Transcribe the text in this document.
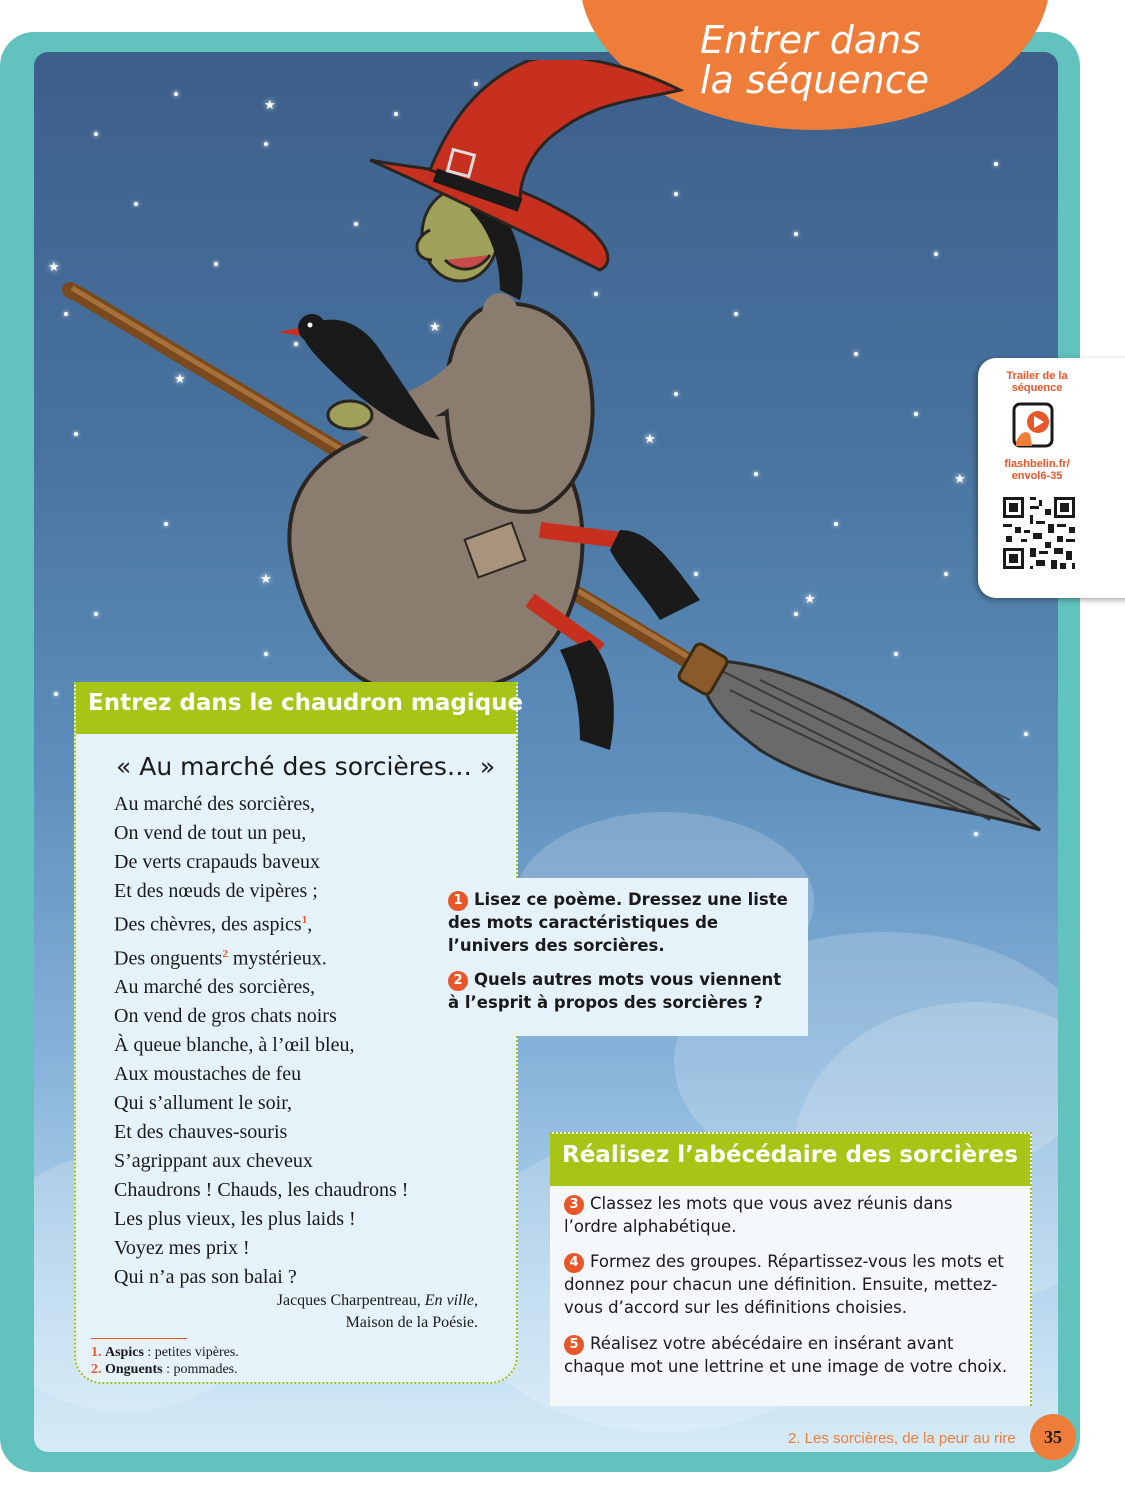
★
★
★
★
★
★
★
★
Entrer dans
la séquence
Trailer de la
séquence
flashbelin.fr/
envol6-35
Entrez dans le chaudron magique
« Au marché des sorcières… »
Au marché des sorcières,
On vend de tout un peu,
De verts crapauds baveux
Et des nœuds de vipères ;
Des chèvres, des aspics$^1$,
Des onguents$^2$ mystérieux.
Au marché des sorcières,
On vend de gros chats noirs
À queue blanche, à l’œil bleu,
Aux moustaches de feu
Qui s’allument le soir,
Et des chauves-souris
S’agrippant aux cheveux
Chaudrons ! Chauds, les chaudrons !
Les plus vieux, les plus laids !
Voyez mes prix !
Qui n’a pas son balai ?
Jacques Charpentreau, En ville,
Maison de la Poésie.
1. Aspics : petites vipères.
2. Onguents : pommades.
1 Lisez ce poème. Dressez une liste des mots caractéristiques de l’univers des sorcières.
2 Quels autres mots vous viennent à l’esprit à propos des sorcières ?
Réalisez l’abécédaire des sorcières
3 Classez les mots que vous avez réunis dans l’ordre alphabétique.
4 Formez des groupes. Répartissez-vous les mots et donnez pour chacun une définition. Ensuite, mettez-vous d’accord sur les définitions choisies.
5 Réalisez votre abécédaire en insérant avant chaque mot une lettrine et une image de votre choix.
2. Les sorcières, de la peur au rire	35
